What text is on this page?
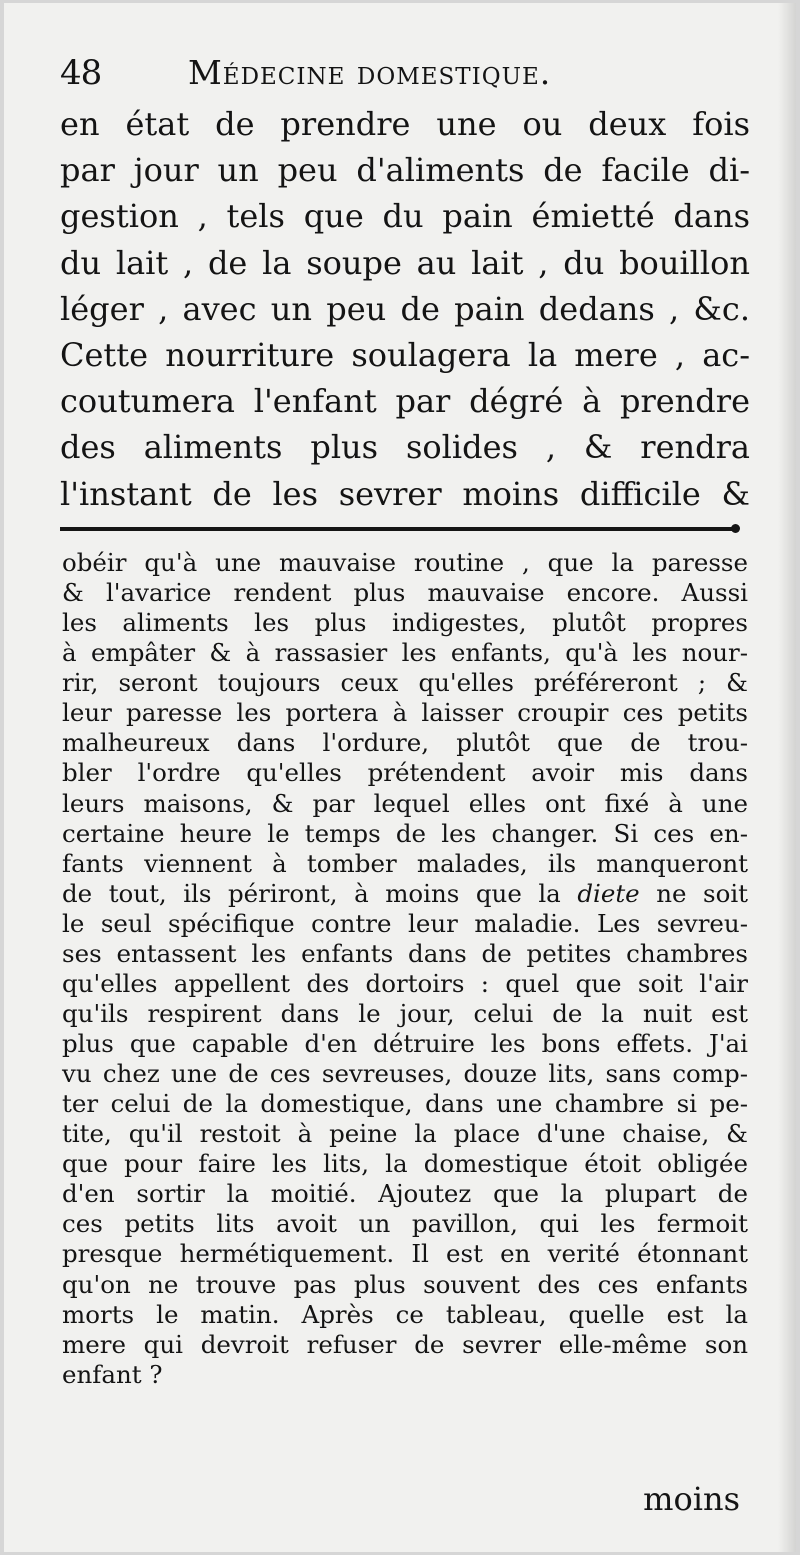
48	Médecine domestique.
en état de prendre une ou deux fois
par jour un peu d'aliments de facile di-
gestion , tels que du pain émietté dans
du lait , de la soupe au lait , du bouillon
léger , avec un peu de pain dedans , &c.
Cette nourriture soulagera la mere , ac-
coutumera l'enfant par dégré à prendre
des aliments plus solides , & rendra
l'instant de les sevrer moins difficile &
obéir qu'à une mauvaise routine , que la paresse
& l'avarice rendent plus mauvaise encore. Aussi
les aliments les plus indigestes, plutôt propres
à empâter & à rassasier les enfants, qu'à les nour-
rir, seront toujours ceux qu'elles préféreront ; &
leur paresse les portera à laisser croupir ces petits
malheureux dans l'ordure, plutôt que de trou-
bler l'ordre qu'elles prétendent avoir mis dans
leurs maisons, & par lequel elles ont fixé à une
certaine heure le temps de les changer. Si ces en-
fants viennent à tomber malades, ils manqueront
de tout, ils périront, à moins que la diete ne soit
le seul spécifique contre leur maladie. Les sevreu-
ses entassent les enfants dans de petites chambres
qu'elles appellent des dortoirs : quel que soit l'air
qu'ils respirent dans le jour, celui de la nuit est
plus que capable d'en détruire les bons effets. J'ai
vu chez une de ces sevreuses, douze lits, sans comp-
ter celui de la domestique, dans une chambre si pe-
tite, qu'il restoit à peine la place d'une chaise, &
que pour faire les lits, la domestique étoit obligée
d'en sortir la moitié. Ajoutez que la plupart de
ces petits lits avoit un pavillon, qui les fermoit
presque hermétiquement. Il est en verité étonnant
qu'on ne trouve pas plus souvent des ces enfants
morts le matin. Après ce tableau, quelle est la
mere qui devroit refuser de sevrer elle-même son
enfant ?
moins
